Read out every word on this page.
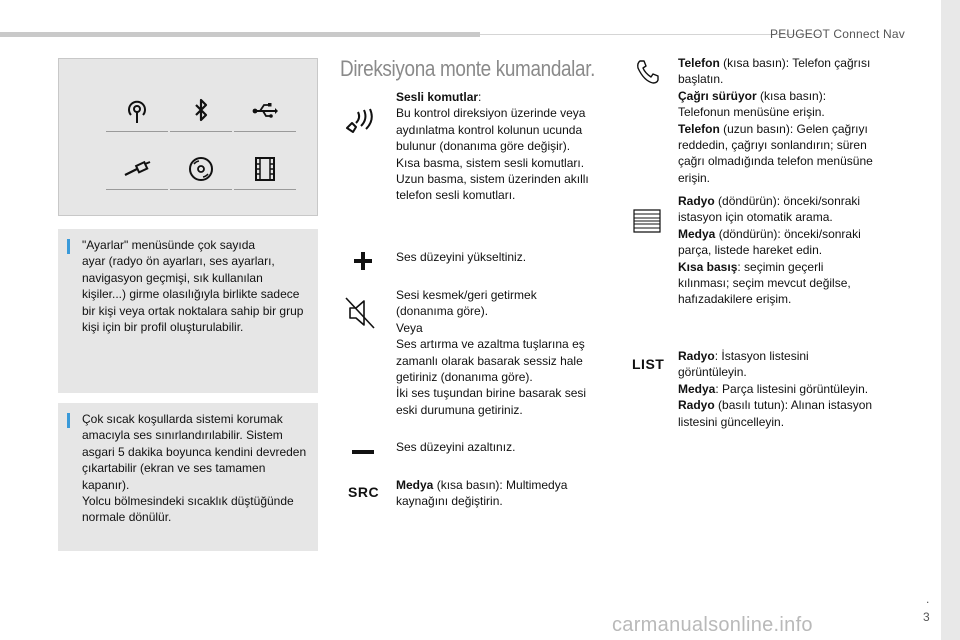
PEUGEOT Connect Nav

"Ayarlar" menüsünde çok sayıda
ayar (radyo ön ayarları, ses ayarları,
navigasyon geçmişi, sık kullanılan
kişiler...) girme olasılığıyla birlikte sadece
bir kişi veya ortak noktalara sahip bir grup
kişi için bir profil oluşturulabilir.

Çok sıcak koşullarda sistemi korumak
amacıyla ses sınırlandırılabilir. Sistem
asgari 5 dakika boyunca kendini devreden
çıkartabilir (ekran ve ses tamamen
kapanır).
Yolcu bölmesindeki sıcaklık düştüğünde
normale dönülür.

Direksiyona monte kumandalar.
Sesli komutlar:
Bu kontrol direksiyon üzerinde veya
aydınlatma kontrol kolunun ucunda
bulunur (donanıma göre değişir).
Kısa basma, sistem sesli komutları.
Uzun basma, sistem üzerinden akıllı
telefon sesli komutları.
Ses düzeyini yükseltiniz.
Sesi kesmek/geri getirmek
(donanıma göre).
Veya
Ses artırma ve azaltma tuşlarına eş
zamanlı olarak basarak sessiz hale
getiriniz (donanıma göre).
İki ses tuşundan birine basarak sesi
eski durumuna getiriniz.
Ses düzeyini azaltınız.
SRC Medya (kısa basın): Multimedya
kaynağını değiştirin.
Telefon (kısa basın): Telefon çağrısı
başlatın.
Çağrı sürüyor (kısa basın):
Telefonun menüsüne erişin.
Telefon (uzun basın): Gelen çağrıyı
reddedin, çağrıyı sonlandırın; süren
çağrı olmadığında telefon menüsüne
erişin.
Radyo (döndürün): önceki/sonraki
istasyon için otomatik arama.
Medya (döndürün): önceki/sonraki
parça, listede hareket edin.
Kısa basış: seçimin geçerli
kılınması; seçim mevcut değilse,
hafızadakilere erişim.
LIST Radyo: İstasyon listesini
görüntüleyin.
Medya: Parça listesini görüntüleyin.
Radyo (basılı tutun): Alınan istasyon
listesini güncelleyin.
.
3
carmanualsonline.info
